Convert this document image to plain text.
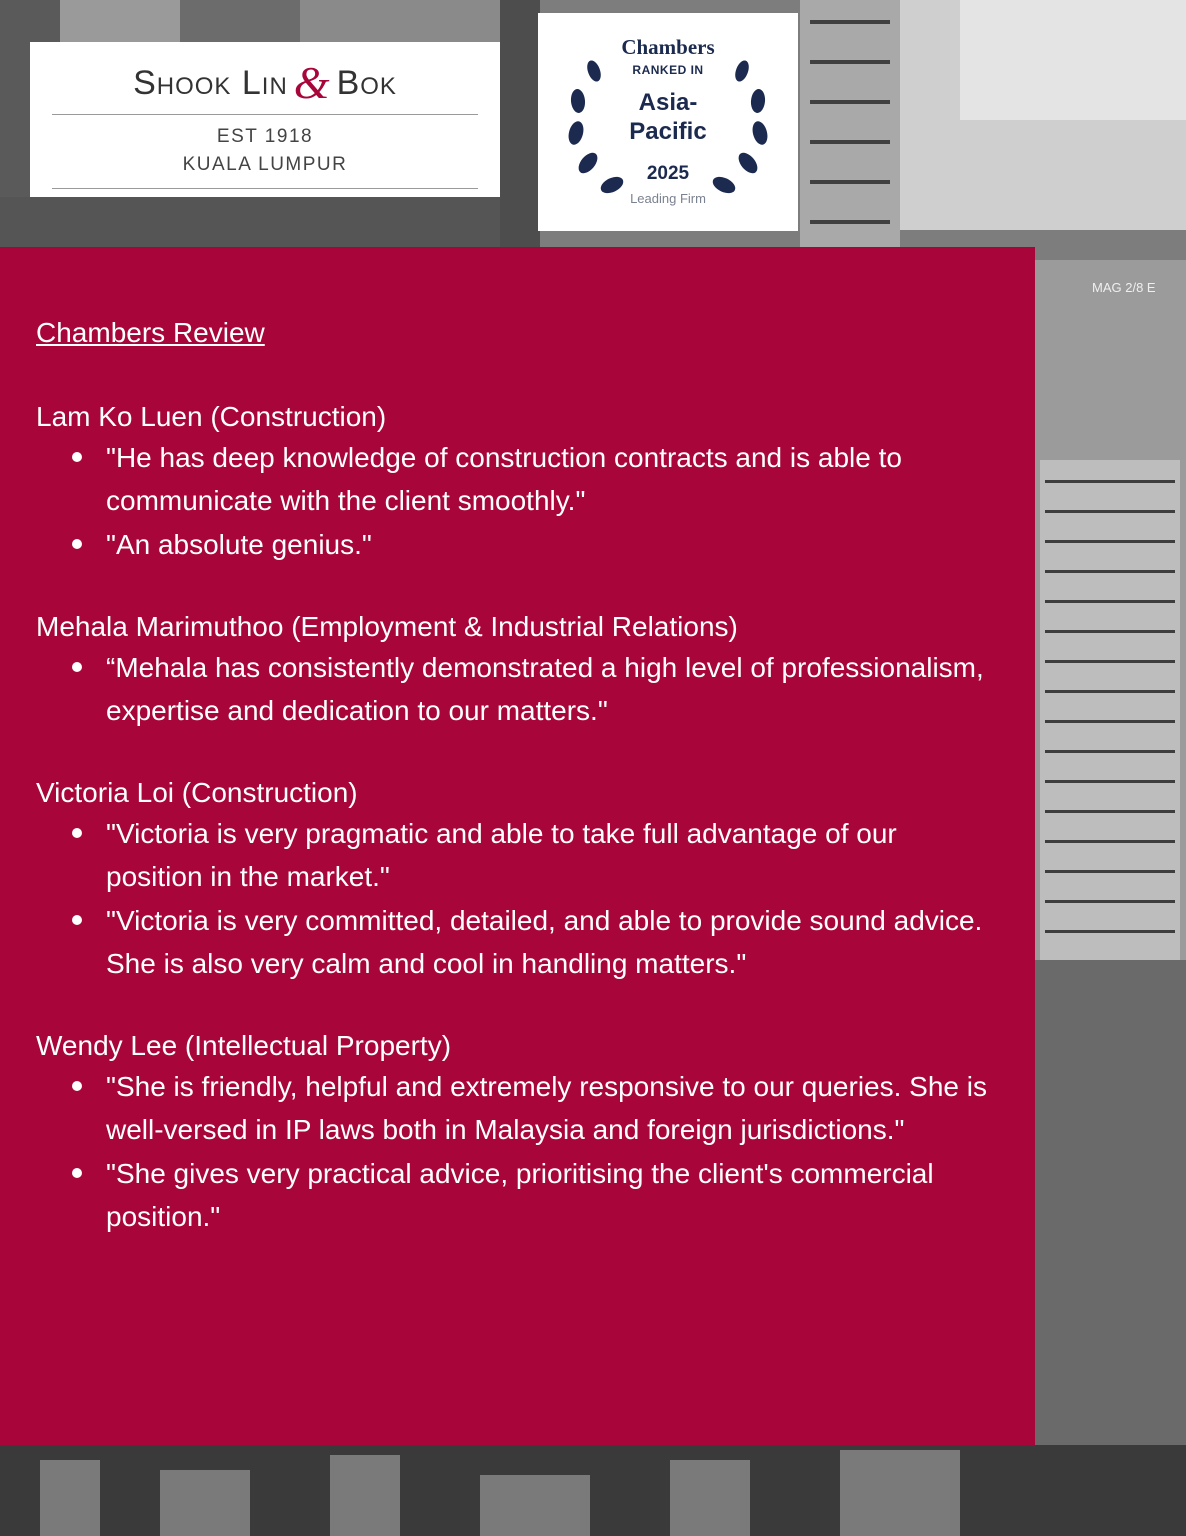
MAG 2/8 E
Shook Lin & Bok
EST 1918
KUALA LUMPUR
Chambers
RANKED IN
Asia-
Pacific
2025
Leading Firm
Chambers Review
Lam Ko Luen (Construction)
"He has deep knowledge of construction contracts and is able to communicate with the client smoothly."
"An absolute genius."
Mehala Marimuthoo (Employment & Industrial Relations)
“Mehala has consistently demonstrated a high level of professionalism, expertise and dedication to our matters."
Victoria Loi (Construction)
"Victoria is very pragmatic and able to take full advantage of our position in the market."
"Victoria is very committed, detailed, and able to provide sound advice. She is also very calm and cool in handling matters."
Wendy Lee (Intellectual Property)
"She is friendly, helpful and extremely responsive to our queries. She is well-versed in IP laws both in Malaysia and foreign jurisdictions."
"She gives very practical advice, prioritising the client's commercial position."
